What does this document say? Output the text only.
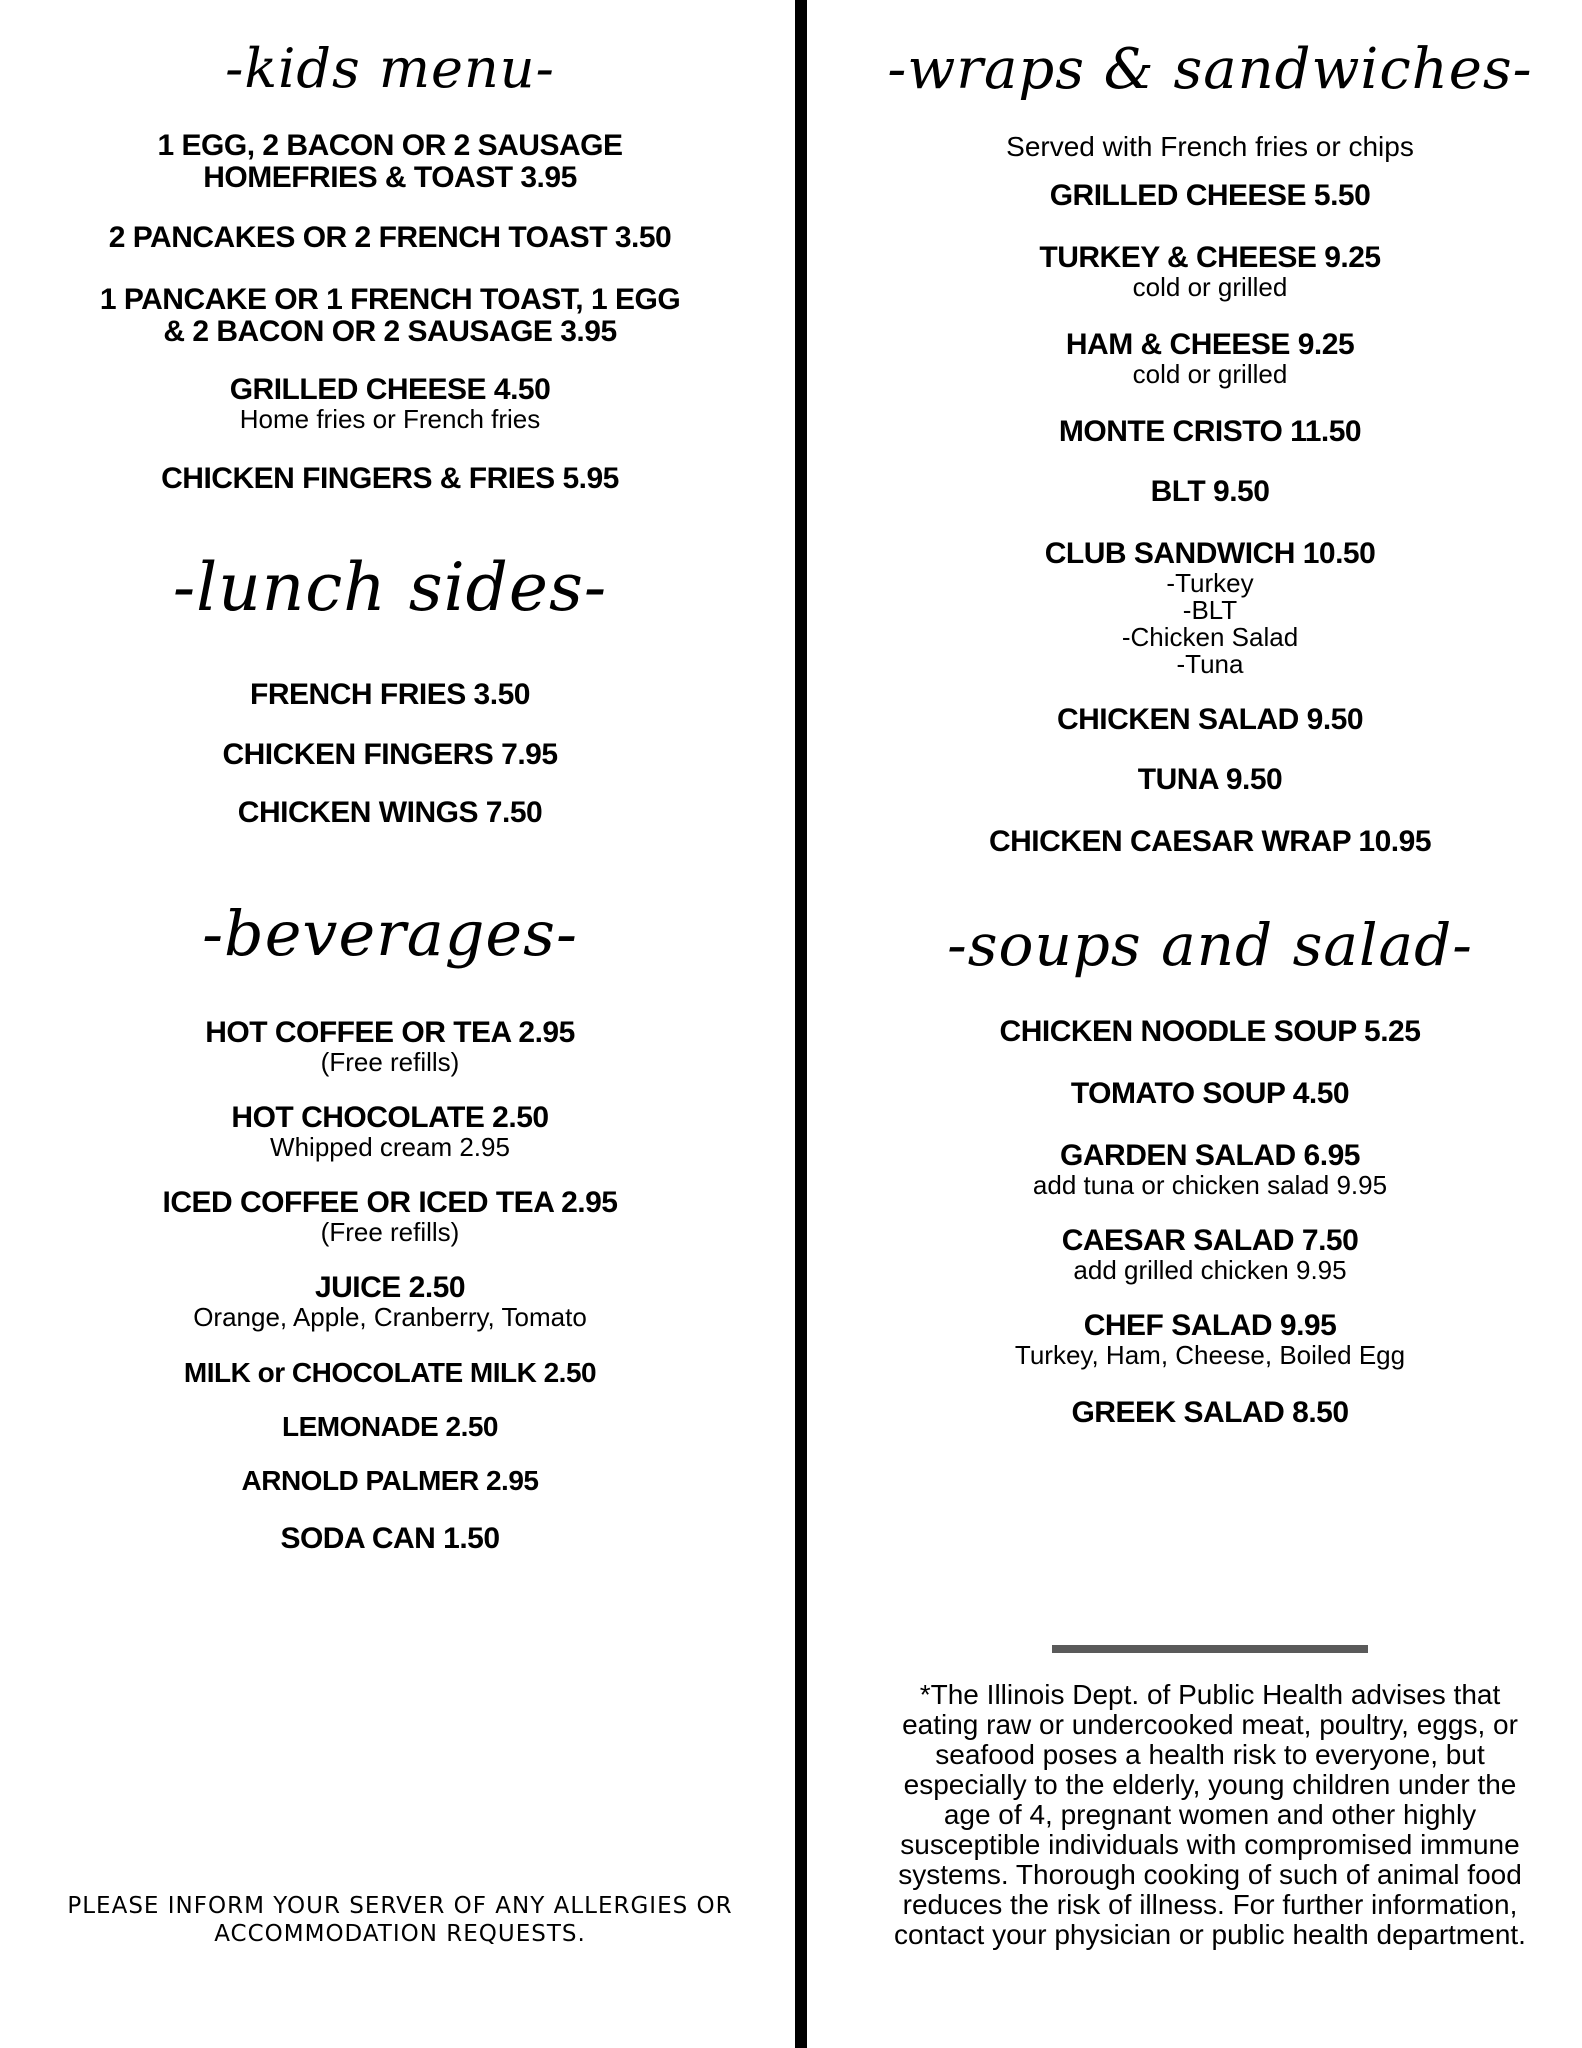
-kids menu-
1 EGG, 2 BACON OR 2 SAUSAGE
HOMEFRIES & TOAST 3.95
2 PANCAKES OR 2 FRENCH TOAST 3.50
1 PANCAKE OR 1 FRENCH TOAST, 1 EGG
& 2 BACON OR 2 SAUSAGE 3.95
GRILLED CHEESE 4.50
Home fries or French fries
CHICKEN FINGERS & FRIES 5.95
-lunch sides-
FRENCH FRIES 3.50
CHICKEN FINGERS 7.95
CHICKEN WINGS 7.50
-beverages-
HOT COFFEE OR TEA 2.95
(Free refills)
HOT CHOCOLATE 2.50
Whipped cream 2.95
ICED COFFEE OR ICED TEA 2.95
(Free refills)
JUICE 2.50
Orange, Apple, Cranberry, Tomato
MILK or CHOCOLATE MILK 2.50
LEMONADE 2.50
ARNOLD PALMER 2.95
SODA CAN 1.50

PLEASE INFORM YOUR SERVER OF ANY ALLERGIES OR
ACCOMMODATION REQUESTS.

-wraps & sandwiches-

Served with French fries or chips

GRILLED CHEESE 5.50
TURKEY & CHEESE 9.25
cold or grilled
HAM & CHEESE 9.25
cold or grilled
MONTE CRISTO 11.50
BLT 9.50
CLUB SANDWICH 10.50
-Turkey
-BLT
-Chicken Salad
-Tuna
CHICKEN SALAD 9.50
TUNA 9.50
CHICKEN CAESAR WRAP 10.95
-soups and salad-
CHICKEN NOODLE SOUP 5.25
TOMATO SOUP 4.50
GARDEN SALAD 6.95
add tuna or chicken salad 9.95
CAESAR SALAD 7.50
add grilled chicken 9.95
CHEF SALAD 9.95
Turkey, Ham, Cheese, Boiled Egg
GREEK SALAD 8.50

*The Illinois Dept. of Public Health advises that
eating raw or undercooked meat, poultry, eggs, or
seafood poses a health risk to everyone, but
especially to the elderly, young children under the
age of 4, pregnant women and other highly
susceptible individuals with compromised immune
systems. Thorough cooking of such of animal food
reduces the risk of illness. For further information,
contact your physician or public health department.
